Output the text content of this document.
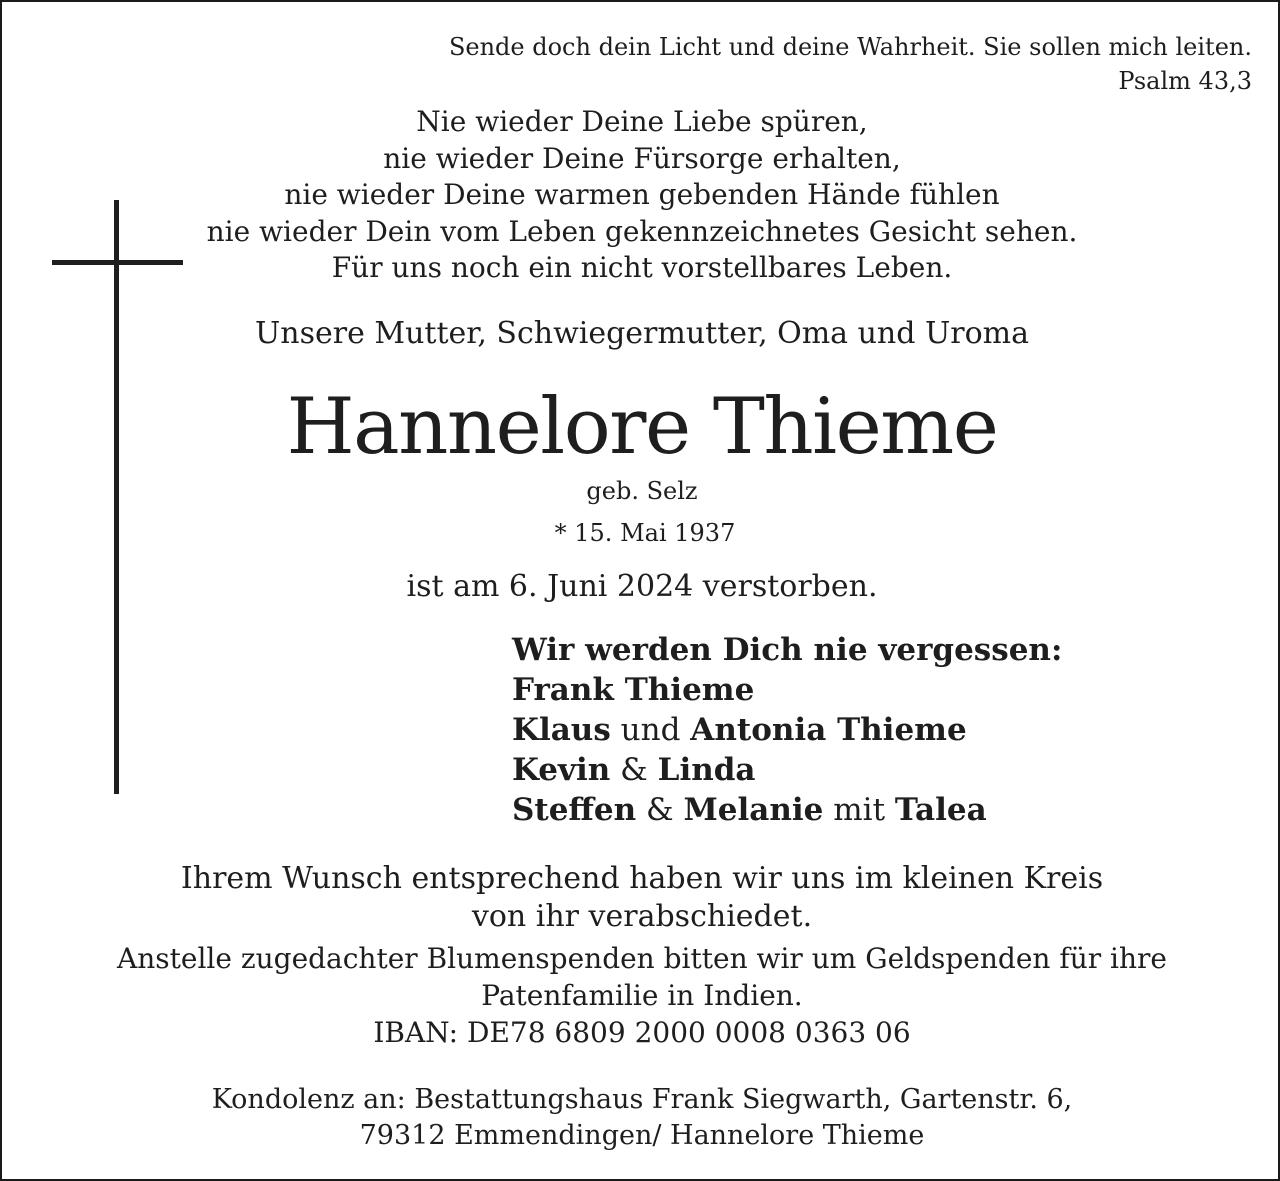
Sende doch dein Licht und deine Wahrheit. Sie sollen mich leiten.
Psalm 43,3
Nie wieder Deine Liebe spüren,
nie wieder Deine Fürsorge erhalten,
nie wieder Deine warmen gebenden Hände fühlen
nie wieder Dein vom Leben gekennzeichnetes Gesicht sehen.
Für uns noch ein nicht vorstellbares Leben.
Unsere Mutter, Schwiegermutter, Oma und Uroma
Hannelore Thieme
geb. Selz
* 15. Mai 1937
ist am 6. Juni 2024 verstorben.
Wir werden Dich nie vergessen:
Frank Thieme
Klaus und Antonia Thieme
Kevin & Linda
Steffen & Melanie mit Talea
Ihrem Wunsch entsprechend haben wir uns im kleinen Kreis
von ihr verabschiedet.
Anstelle zugedachter Blumenspenden bitten wir um Geldspenden für ihre
Patenfamilie in Indien.
IBAN: DE78 6809 2000 0008 0363 06
Kondolenz an: Bestattungshaus Frank Siegwarth, Gartenstr. 6,
79312 Emmendingen/ Hannelore Thieme
